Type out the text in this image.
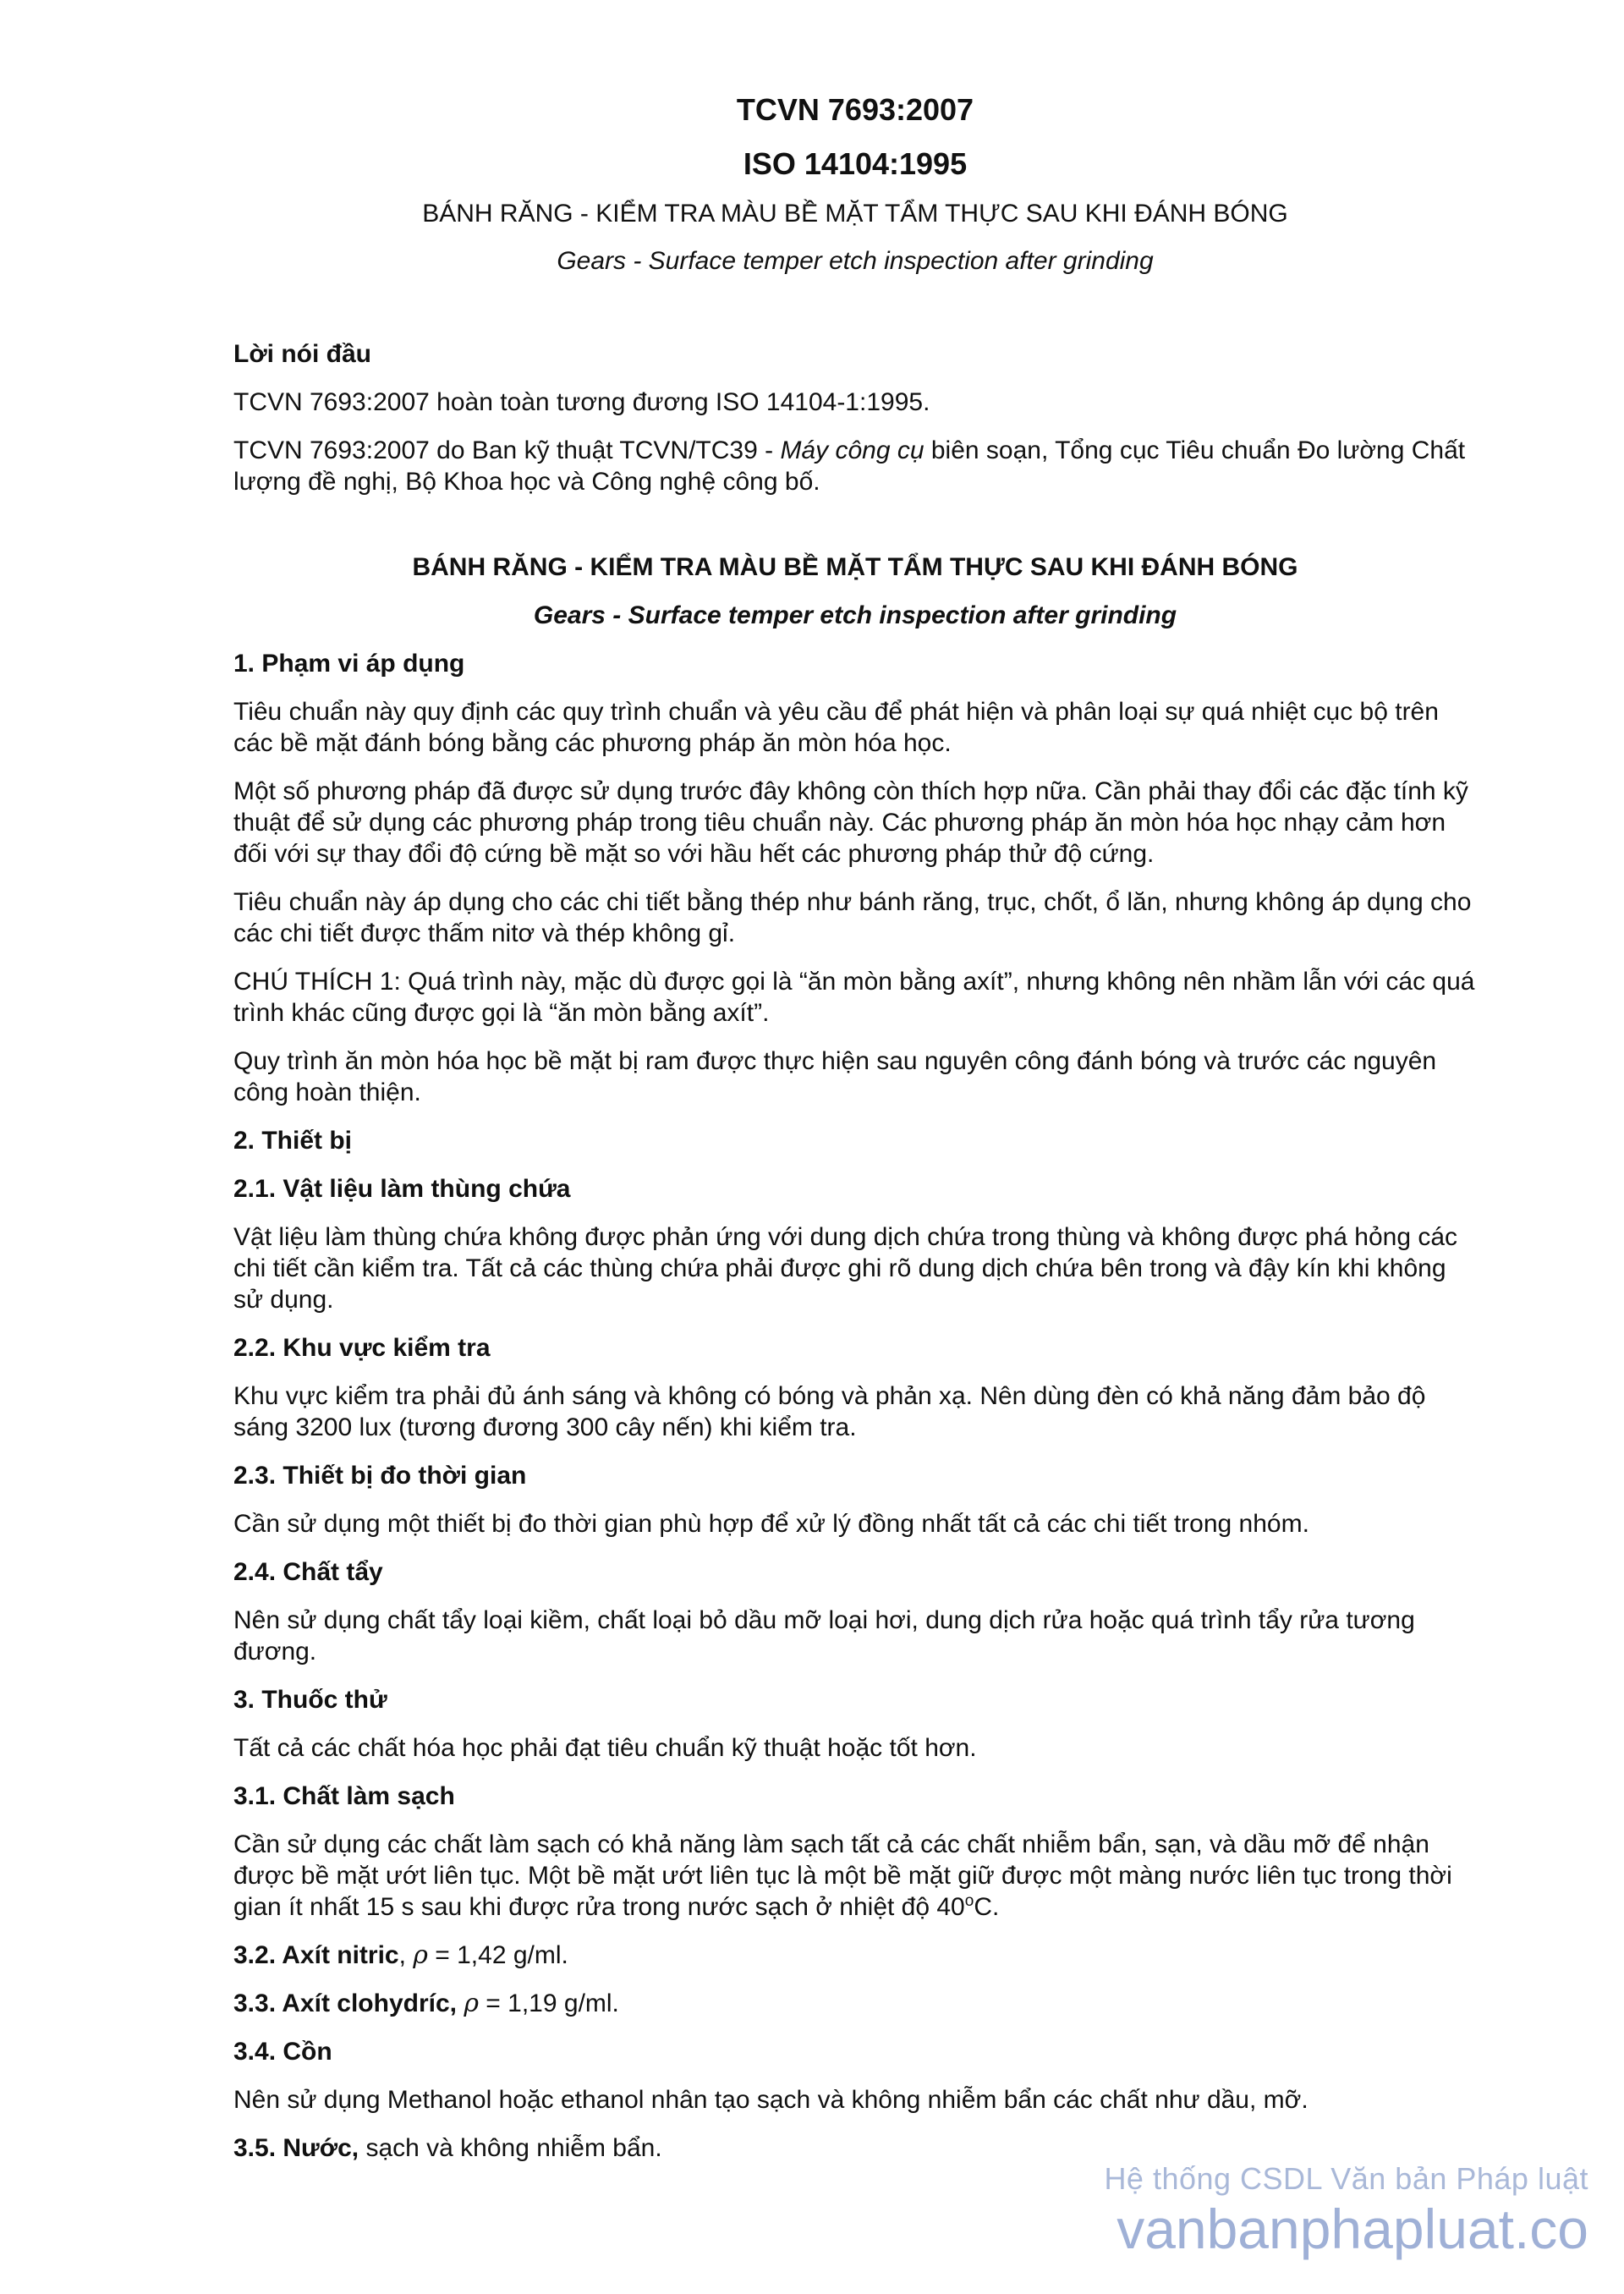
TCVN 7693:2007
ISO 14104:1995
BÁNH RĂNG - KIỂM TRA MÀU BỀ MẶT TẨM THỰC SAU KHI ĐÁNH BÓNG
Gears - Surface temper etch inspection after grinding
Lời nói đầu
TCVN 7693:2007 hoàn toàn tương đương ISO 14104-1:1995.
TCVN 7693:2007 do Ban kỹ thuật TCVN/TC39 - Máy công cụ biên soạn, Tổng cục Tiêu chuẩn Đo lường Chất lượng đề nghị, Bộ Khoa học và Công nghệ công bố.
BÁNH RĂNG - KIỂM TRA MÀU BỀ MẶT TẨM THỰC SAU KHI ĐÁNH BÓNG
Gears - Surface temper etch inspection after grinding
1. Phạm vi áp dụng
Tiêu chuẩn này quy định các quy trình chuẩn và yêu cầu để phát hiện và phân loại sự quá nhiệt cục bộ trên các bề mặt đánh bóng bằng các phương pháp ăn mòn hóa học.
Một số phương pháp đã được sử dụng trước đây không còn thích hợp nữa. Cần phải thay đổi các đặc tính kỹ thuật để sử dụng các phương pháp trong tiêu chuẩn này. Các phương pháp ăn mòn hóa học nhạy cảm hơn đối với sự thay đổi độ cứng bề mặt so với hầu hết các phương pháp thử độ cứng.
Tiêu chuẩn này áp dụng cho các chi tiết bằng thép như bánh răng, trục, chốt, ổ lăn, nhưng không áp dụng cho các chi tiết được thấm nitơ và thép không gỉ.
CHÚ THÍCH 1: Quá trình này, mặc dù được gọi là “ăn mòn bằng axít”, nhưng không nên nhầm lẫn với các quá trình khác cũng được gọi là “ăn mòn bằng axít”.
Quy trình ăn mòn hóa học bề mặt bị ram được thực hiện sau nguyên công đánh bóng và trước các nguyên công hoàn thiện.
2. Thiết bị
2.1. Vật liệu làm thùng chứa
Vật liệu làm thùng chứa không được phản ứng với dung dịch chứa trong thùng và không được phá hỏng các chi tiết cần kiểm tra. Tất cả các thùng chứa phải được ghi rõ dung dịch chứa bên trong và đậy kín khi không sử dụng.
2.2. Khu vực kiểm tra
Khu vực kiểm tra phải đủ ánh sáng và không có bóng và phản xạ. Nên dùng đèn có khả năng đảm bảo độ sáng 3200 lux (tương đương 300 cây nến) khi kiểm tra.
2.3. Thiết bị đo thời gian
Cần sử dụng một thiết bị đo thời gian phù hợp để xử lý đồng nhất tất cả các chi tiết trong nhóm.
2.4. Chất tẩy
Nên sử dụng chất tẩy loại kiềm, chất loại bỏ dầu mỡ loại hơi, dung dịch rửa hoặc quá trình tẩy rửa tương đương.
3. Thuốc thử
Tất cả các chất hóa học phải đạt tiêu chuẩn kỹ thuật hoặc tốt hơn.
3.1. Chất làm sạch
Cần sử dụng các chất làm sạch có khả năng làm sạch tất cả các chất nhiễm bẩn, sạn, và dầu mỡ để nhận được bề mặt ướt liên tục. Một bề mặt ướt liên tục là một bề mặt giữ được một màng nước liên tục trong thời gian ít nhất 15 s sau khi được rửa trong nước sạch ở nhiệt độ 40$^o$C.
3.2. Axít nitric, ρ = 1,42 g/ml.
3.3. Axít clohydríc, ρ = 1,19 g/ml.
3.4. Cồn
Nên sử dụng Methanol hoặc ethanol nhân tạo sạch và không nhiễm bẩn các chất như dầu, mỡ.
3.5. Nước, sạch và không nhiễm bẩn.
Hệ thống CSDL Văn bản Pháp luật
vanbanphapluat.co
